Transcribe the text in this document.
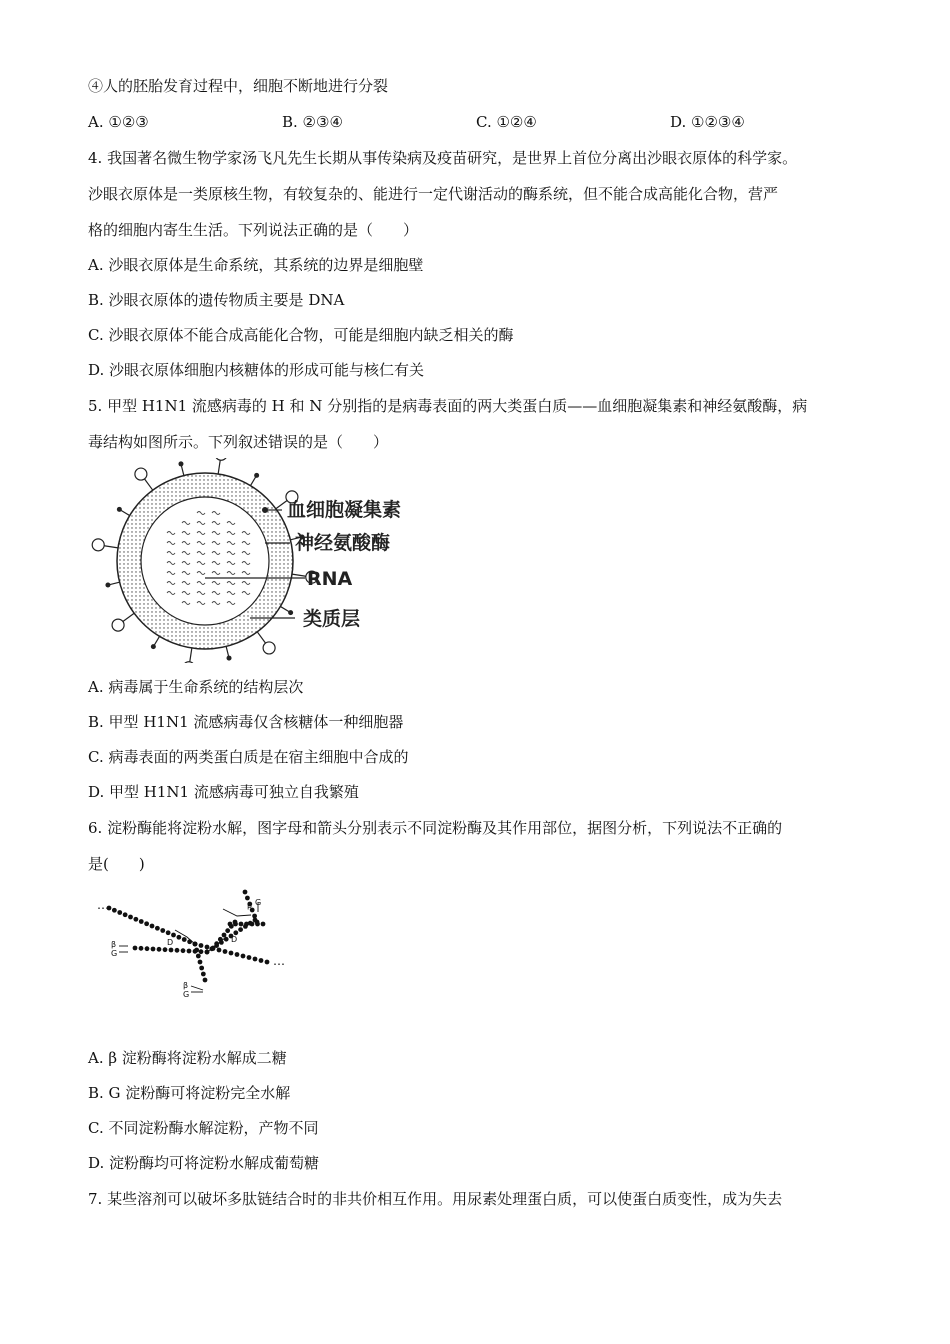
④人的胚胎发育过程中，细胞不断地进行分裂
A. ①②③	B. ②③④	C. ①②④	D. ①②③④
4. 我国著名微生物学家汤飞凡先生长期从事传染病及疫苗研究，是世界上首位分离出沙眼衣原体的科学家。
沙眼衣原体是一类原核生物，有较复杂的、能进行一定代谢活动的酶系统，但不能合成高能化合物，营严
格的细胞内寄生生活。下列说法正确的是（　　）
A. 沙眼衣原体是生命系统，其系统的边界是细胞壁
B. 沙眼衣原体的遗传物质主要是 DNA
C. 沙眼衣原体不能合成高能化合物，可能是细胞内缺乏相关的酶
D. 沙眼衣原体细胞内核糖体的形成可能与核仁有关
5. 甲型 H1N1 流感病毒的 H 和 N 分别指的是病毒表面的两大类蛋白质——血细胞凝集素和神经氨酸酶，病
毒结构如图所示。下列叙述错误的是（　　）
血细胞凝集素
神经氨酸酶
RNA
类质层
A. 病毒属于生命系统的结构层次
B. 甲型 H1N1 流感病毒仅含核糖体一种细胞器
C. 病毒表面的两类蛋白质是在宿主细胞中合成的
D. 甲型 H1N1 流感病毒可独立自我繁殖
6. 淀粉酶能将淀粉水解，图字母和箭头分别表示不同淀粉酶及其作用部位，据图分析，下列说法不正确的
是(　　)
β
G
D	D
β
G
β G
…
…
A. β 淀粉酶将淀粉水解成二糖
B. G 淀粉酶可将淀粉完全水解
C. 不同淀粉酶水解淀粉，产物不同
D. 淀粉酶均可将淀粉水解成葡萄糖
7. 某些溶剂可以破坏多肽链结合时的非共价相互作用。用尿素处理蛋白质，可以使蛋白质变性，成为失去
